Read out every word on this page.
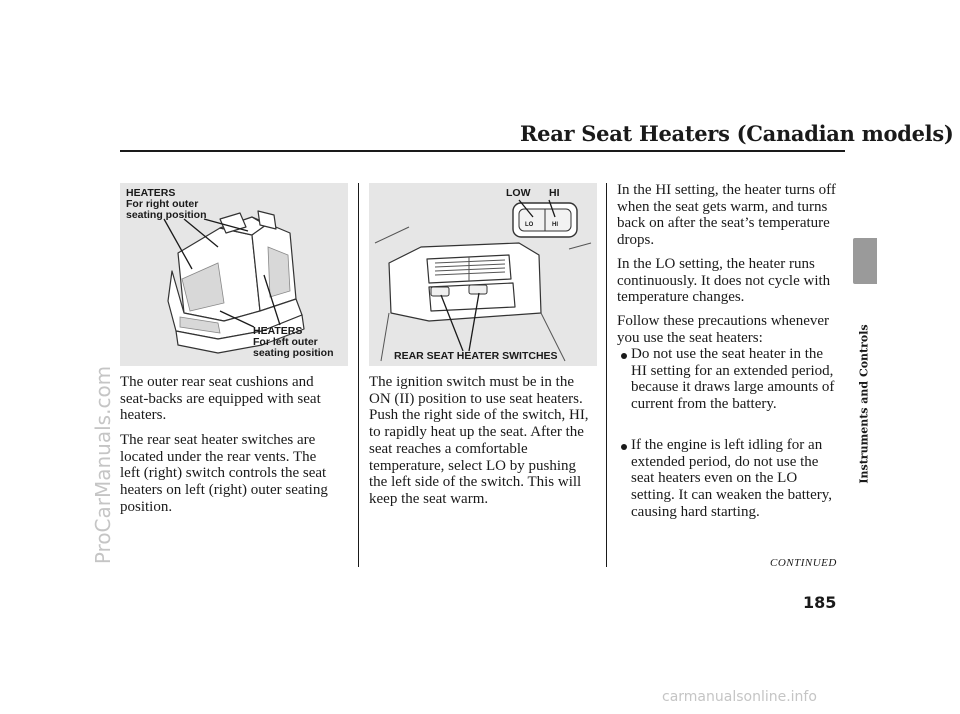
Rear Seat Heaters (Canadian models)
HEATERS
For right outer
seating position
HEATERS
For left outer
seating position
LOW HI
LO	HI
REAR SEAT HEATER SWITCHES

The outer rear seat cushions and
seat-backs are equipped with seat
heaters.

The rear seat heater switches are
located under the rear vents. The
left (right) switch controls the seat
heaters on left (right) outer seating
position.

The ignition switch must be in the
ON (II) position to use seat heaters.
Push the right side of the switch, HI,
to rapidly heat up the seat. After the
seat reaches a comfortable
temperature, select LO by pushing
the left side of the switch. This will
keep the seat warm.

In the HI setting, the heater turns off
when the seat gets warm, and turns
back on after the seat’s temperature
drops.

In the LO setting, the heater runs
continuously. It does not cycle with
temperature changes.

Follow these precautions whenever
you use the seat heaters:

Do not use the seat heater in the
HI setting for an extended period,
because it draws large amounts of
current from the battery.

If the engine is left idling for an
extended period, do not use the
seat heaters even on the LO
setting. It can weaken the battery,
causing hard starting.

Instruments and Controls
CONTINUED
185
ProCarManuals.com
carmanualsonline.info
